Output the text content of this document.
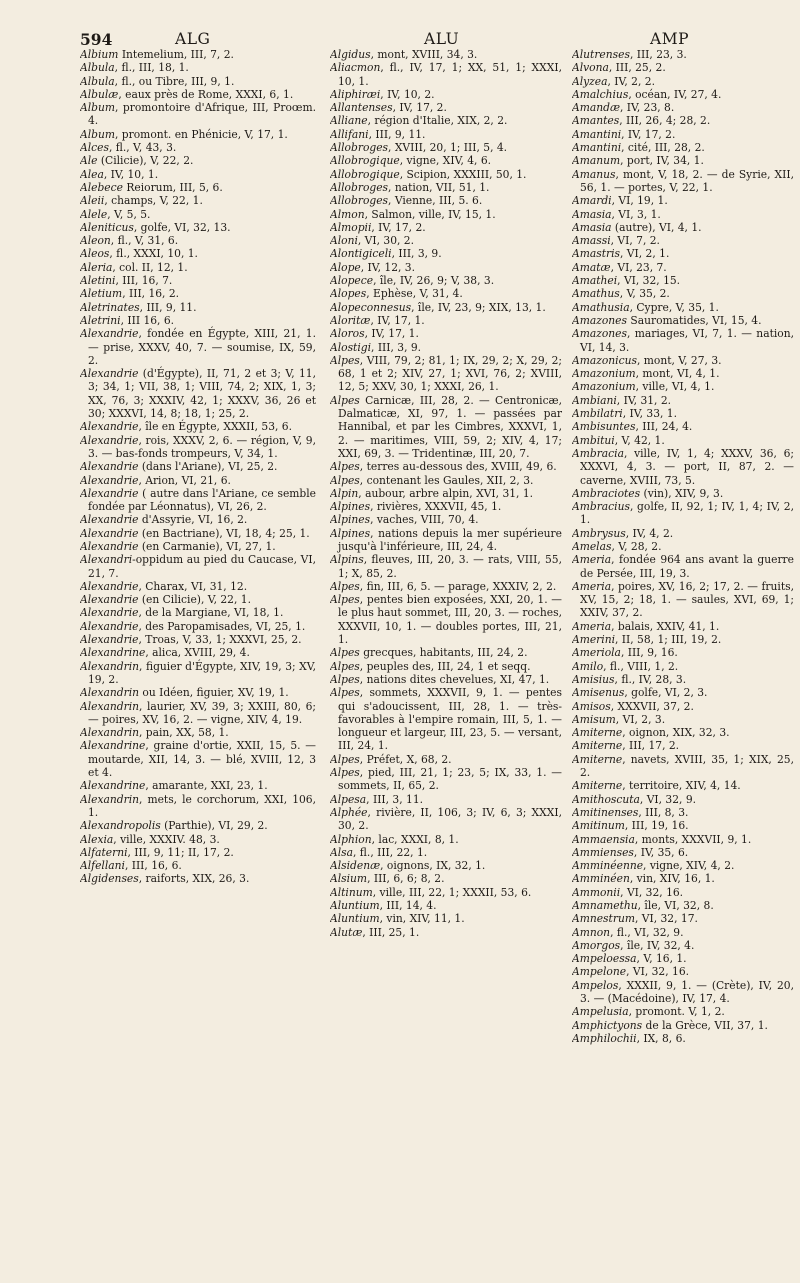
594	ALG	ALU	AMP

Albium Intemelium, III, 7, 2.

Albula, fl., III, 18, 1.

Albula, fl., ou Tibre, III, 9, 1.

Albulæ, eaux près de Rome, XXXI, 6, 1.

Album, promontoire d'Afrique, III, Proœm. 4.

Album, promont. en Phénicie, V, 17, 1.

Alces, fl., V, 43, 3.

Ale (Cilicie), V, 22, 2.

Alea, IV, 10, 1.

Alebece Reiorum, III, 5, 6.

Aleii, champs, V, 22, 1.

Alele, V, 5, 5.

Aleniticus, golfe, VI, 32, 13.

Aleon, fl., V, 31, 6.

Aleos, fl., XXXI, 10, 1.

Aleria, col. II, 12, 1.

Aletini, III, 16, 7.

Aletium, III, 16, 2.

Aletrinates, III, 9, 11.

Aletrini, III 16, 6.

Alexandrie, fondée en Égypte, XIII, 21, 1. — prise, XXXV, 40, 7. — soumise, IX, 59, 2.

Alexandrie (d'Égypte), II, 71, 2 et 3; V, 11, 3; 34, 1; VII, 38, 1; VIII, 74, 2; XIX, 1, 3; XX, 76, 3; XXXIV, 42, 1; XXXV, 36, 26 et 30; XXXVI, 14, 8; 18, 1; 25, 2.

Alexandrie, île en Égypte, XXXII, 53, 6.

Alexandrie, rois, XXXV, 2, 6. — région, V, 9, 3. — bas-fonds trompeurs, V, 34, 1.

Alexandrie (dans l'Ariane), VI, 25, 2.

Alexandrie, Arion, VI, 21, 6.

Alexandrie ( autre dans l'Ariane, ce semble fondée par Léonnatus), VI, 26, 2.

Alexandrie d'Assyrie, VI, 16, 2.

Alexandrie (en Bactriane), VI, 18, 4; 25, 1.

Alexandrie (en Carmanie), VI, 27, 1.

Alexandri-oppidum au pied du Caucase, VI, 21, 7.

Alexandrie, Charax, VI, 31, 12.

Alexandrie (en Cilicie), V, 22, 1.

Alexandrie, de la Margiane, VI, 18, 1.

Alexandrie, des Paropamisades, VI, 25, 1.

Alexandrie, Troas, V, 33, 1; XXXVI, 25, 2.

Alexandrine, alica, XVIII, 29, 4.

Alexandrin, figuier d'Égypte, XIV, 19, 3; XV, 19, 2.

Alexandrin ou Idéen, figuier, XV, 19, 1.

Alexandrin, laurier, XV, 39, 3; XXIII, 80, 6; — poires, XV, 16, 2. — vigne, XIV, 4, 19.

Alexandrin, pain, XX, 58, 1.

Alexandrine, graine d'ortie, XXII, 15, 5. — moutarde, XII, 14, 3. — blé, XVIII, 12, 3 et 4.

Alexandrine, amarante, XXI, 23, 1.

Alexandrin, mets, le corchorum, XXI, 106, 1.

Alexandropolis (Parthie), VI, 29, 2.

Alexia, ville, XXXIV. 48, 3.

Alfaterni, III, 9, 11; II, 17, 2.

Alfellani, III, 16, 6.

Algidenses, raiforts, XIX, 26, 3.

Algidus, mont, XVIII, 34, 3.

Aliacmon, fl., IV, 17, 1; XX, 51, 1; XXXI, 10, 1.

Aliphiræi, IV, 10, 2.

Allantenses, IV, 17, 2.

Alliane, région d'Italie, XIX, 2, 2.

Allifani, III, 9, 11.

Allobroges, XVIII, 20, 1; III, 5, 4.

Allobrogique, vigne, XIV, 4, 6.

Allobrogique, Scipion, XXXIII, 50, 1.

Allobroges, nation, VII, 51, 1.

Allobroges, Vienne, III, 5. 6.

Almon, Salmon, ville, IV, 15, 1.

Almopii, IV, 17, 2.

Aloni, VI, 30, 2.

Alontigiceli, III, 3, 9.

Alope, IV, 12, 3.

Alopece, île, IV, 26, 9; V, 38, 3.

Alopes, Ephèse, V, 31, 4.

Alopeconnesus, île, IV, 23, 9; XIX, 13, 1.

Aloritæ, IV, 17, 1.

Aloros, IV, 17, 1.

Alostigi, III, 3, 9.

Alpes, VIII, 79, 2; 81, 1; IX, 29, 2; X, 29, 2; 68, 1 et 2; XIV, 27, 1; XVI, 76, 2; XVIII, 12, 5; XXV, 30, 1; XXXI, 26, 1.

Alpes Carnicæ, III, 28, 2. — Centronicæ, Dalmaticæ, XI, 97, 1. — passées par Hannibal, et par les Cimbres, XXXVI, 1, 2. — maritimes, VIII, 59, 2; XIV, 4, 17; XXI, 69, 3. — Tridentinæ, III, 20, 7.

Alpes, terres au-dessous des, XVIII, 49, 6.

Alpes, contenant les Gaules, XII, 2, 3.

Alpin, aubour, arbre alpin, XVI, 31, 1.

Alpines, rivières, XXXVII, 45, 1.

Alpines, vaches, VIII, 70, 4.

Alpines, nations depuis la mer supérieure jusqu'à l'inférieure, III, 24, 4.

Alpins, fleuves, III, 20, 3. — rats, VIII, 55, 1; X, 85, 2.

Alpes, fin, III, 6, 5. — parage, XXXIV, 2, 2.

Alpes, pentes bien exposées, XXI, 20, 1. — le plus haut sommet, III, 20, 3. — roches, XXXVII, 10, 1. — doubles portes, III, 21, 1.

Alpes grecques, habitants, III, 24, 2.

Alpes, peuples des, III, 24, 1 et seqq.

Alpes, nations dites chevelues, XI, 47, 1.

Alpes, sommets, XXXVII, 9, 1. — pentes qui s'adoucissent, III, 28, 1. — très-favorables à l'empire romain, III, 5, 1. — longueur et largeur, III, 23, 5. — versant, III, 24, 1.

Alpes, Préfet, X, 68, 2.

Alpes, pied, III, 21, 1; 23, 5; IX, 33, 1. — sommets, II, 65, 2.

Alpesa, III, 3, 11.

Alphée, rivière, II, 106, 3; IV, 6, 3; XXXI, 30, 2.

Alphion, lac, XXXI, 8, 1.

Alsa, fl., III, 22, 1.

Alsidenæ, oignons, IX, 32, 1.

Alsium, III, 6, 6; 8, 2.

Altinum, ville, III, 22, 1; XXXII, 53, 6.

Aluntium, III, 14, 4.

Aluntium, vin, XIV, 11, 1.

Alutæ, III, 25, 1.

Alutrenses, III, 23, 3.

Alvona, III, 25, 2.

Alyzea, IV, 2, 2.

Amalchius, océan, IV, 27, 4.

Amandæ, IV, 23, 8.

Amantes, III, 26, 4; 28, 2.

Amantini, IV, 17, 2.

Amantini, cité, III, 28, 2.

Amanum, port, IV, 34, 1.

Amanus, mont, V, 18, 2. — de Syrie, XII, 56, 1. — portes, V, 22, 1.

Amardi, VI, 19, 1.

Amasia, VI, 3, 1.

Amasia (autre), VI, 4, 1.

Amassi, VI, 7, 2.

Amastris, VI, 2, 1.

Amatæ, VI, 23, 7.

Amathei, VI, 32, 15.

Amathus, V, 35, 2.

Amathusia, Cypre, V, 35, 1.

Amazones Sauromatides, VI, 15, 4.

Amazones, mariages, VI, 7, 1. — nation, VI, 14, 3.

Amazonicus, mont, V, 27, 3.

Amazonium, mont, VI, 4, 1.

Amazonium, ville, VI, 4, 1.

Ambiani, IV, 31, 2.

Ambilatri, IV, 33, 1.

Ambisuntes, III, 24, 4.

Ambitui, V, 42, 1.

Ambracia, ville, IV, 1, 4; XXXV, 36, 6; XXXVI, 4, 3. — port, II, 87, 2. — caverne, XVIII, 73, 5.

Ambraciotes (vin), XIV, 9, 3.

Ambracius, golfe, II, 92, 1; IV, 1, 4; IV, 2, 1.

Ambrysus, IV, 4, 2.

Amelas, V, 28, 2.

Ameria, fondée 964 ans avant la guerre de Persée, III, 19, 3.

Ameria, poires, XV, 16, 2; 17, 2. — fruits, XV, 15, 2; 18, 1. — saules, XVI, 69, 1; XXIV, 37, 2.

Ameria, balais, XXIV, 41, 1.

Amerini, II, 58, 1; III, 19, 2.

Ameriola, III, 9, 16.

Amilo, fl., VIII, 1, 2.

Amisius, fl., IV, 28, 3.

Amisenus, golfe, VI, 2, 3.

Amisos, XXXVII, 37, 2.

Amisum, VI, 2, 3.

Amiterne, oignon, XIX, 32, 3.

Amiterne, III, 17, 2.

Amiterne, navets, XVIII, 35, 1; XIX, 25, 2.

Amiterne, territoire, XIV, 4, 14.

Amithoscuta, VI, 32, 9.

Amitinenses, III, 8, 3.

Amitinum, III, 19, 16.

Ammaensia, monts, XXXVII, 9, 1.

Ammienses, IV, 35, 6.

Amminéenne, vigne, XIV, 4, 2.

Amminéen, vin, XIV, 16, 1.

Ammonii, VI, 32, 16.

Amnamethu, île, VI, 32, 8.

Amnestrum, VI, 32, 17.

Amnon, fl., VI, 32, 9.

Amorgos, île, IV, 32, 4.

Ampeloessa, V, 16, 1.

Ampelone, VI, 32, 16.

Ampelos, XXXII, 9, 1. — (Crète), IV, 20, 3. — (Macédoine), IV, 17, 4.

Ampelusia, promont. V, 1, 2.

Amphictyons de la Grèce, VII, 37, 1.

Amphilochii, IX, 8, 6.
